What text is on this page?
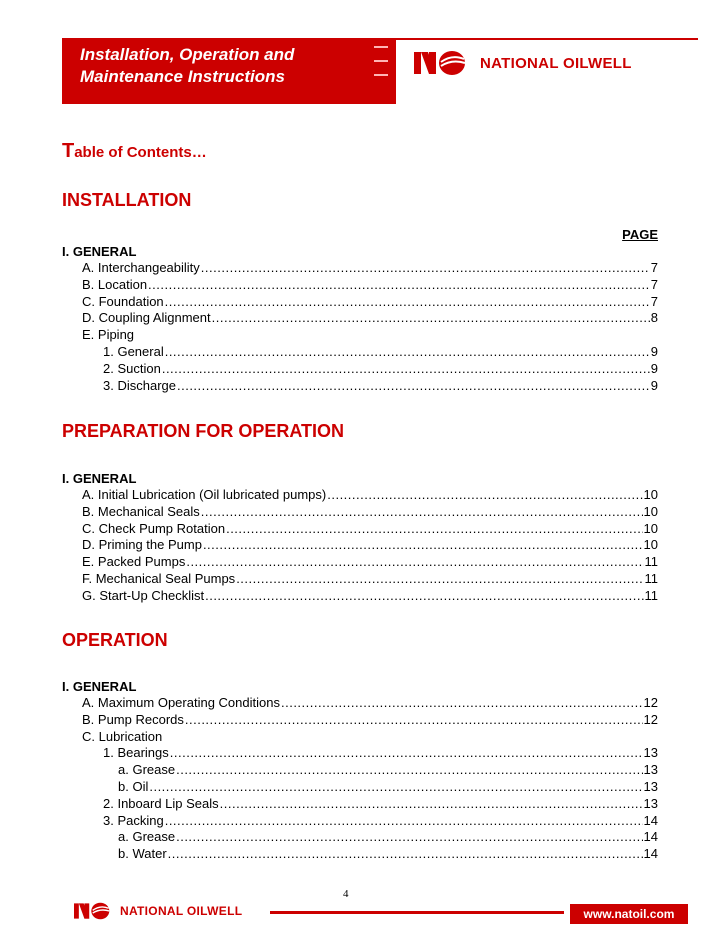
Installation, Operation and
Maintenance Instructions
NATIONAL OILWELL
Table of Contents…
INSTALLATION
PAGE
I. GENERAL
A. Interchangeability .....	7
B. Location .....	7
C. Foundation .....	7
D. Coupling Alignment .....	8
E. Piping
1. General .....	9
2. Suction .....	9
3. Discharge .....	9
PREPARATION FOR OPERATION
I. GENERAL
A. Initial Lubrication (Oil lubricated pumps) .....	10
B. Mechanical Seals .....	10
C. Check Pump Rotation .....	10
D. Priming the Pump .....	10
E. Packed Pumps .....	11
F. Mechanical Seal Pumps .....	11
G. Start-Up Checklist .....	11
OPERATION
I. GENERAL
A. Maximum Operating Conditions .....	12
B. Pump Records .....	12
C. Lubrication
1. Bearings .....	13
a. Grease .....	13
b. Oil .....	13
2. Inboard Lip Seals .....	13
3. Packing .....	14
a. Grease .....	14
b. Water .....	14
4
NATIONAL OILWELL	www.natoil.com
